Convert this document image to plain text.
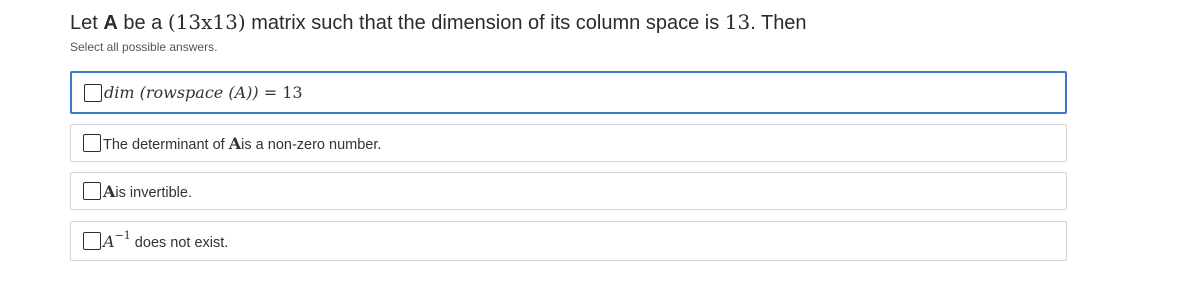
Let A be a (13x13) matrix such that the dimension of its column space is 13. Then
Select all possible answers.
dim (rowspace (A)) = 13
The determinant of Ais a non-zero number.
Ais invertible.
$A^{-1}$ does not exist.
